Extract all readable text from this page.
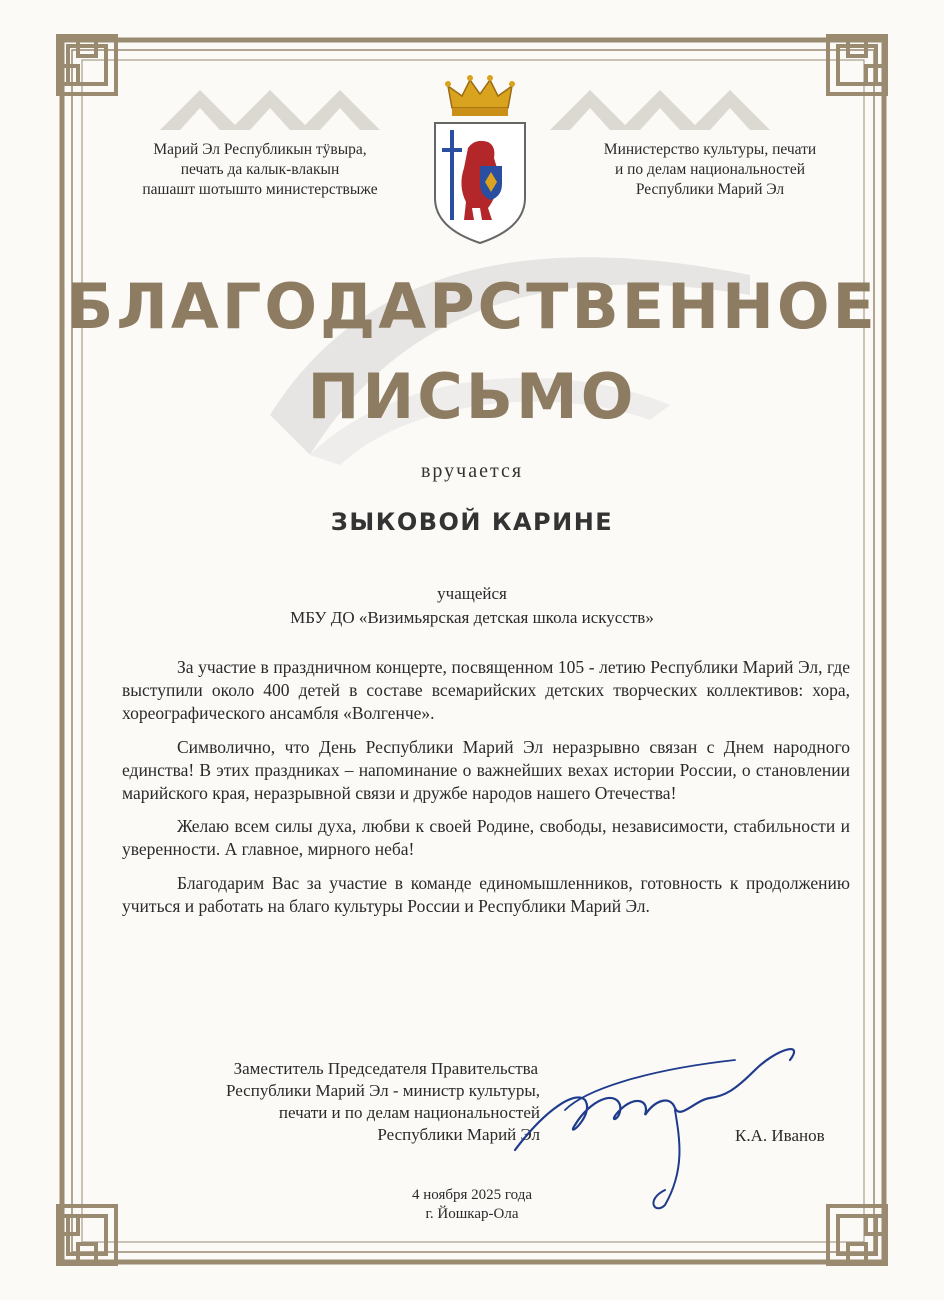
Марий Эл Республикын тӱвыра,
печать да калык-влакын
пашашт шотыштo министерствыже
Министерство культуры, печати
и по делам национальностей
Республики Марий Эл
БЛАГОДАРСТВЕННОЕ
ПИСЬМО
вручается
ЗЫКОВОЙ КАРИНЕ
учащейся
МБУ ДО «Визимьярская детская школа искусств»

За участие в праздничном концерте, посвященном 105 - летию Республики Марий Эл, где выступили около 400 детей в составе всемарийских детских творческих коллективов: хора, хореографического ансамбля «Волгенче».

Символично, что День Республики Марий Эл неразрывно связан с Днем народного единства! В этих праздниках – напоминание о важнейших вехах истории России, о становлении марийского края, неразрывной связи и дружбе народов нашего Отечества!

Желаю всем силы духа, любви к своей Родине, свободы, независимости, стабильности и уверенности. А главное, мирного неба!

Благодарим Вас за участие в команде единомышленников, готовность к продолжению учиться и работать на благо культуры России и Республики Марий Эл.

Заместитель Председателя Правительства
Республики Марий Эл - министр культуры,
печати и по делам национальностей
Республики Марий Эл	К.А. Иванов
4 ноября 2025 года
г. Йошкар-Ола
